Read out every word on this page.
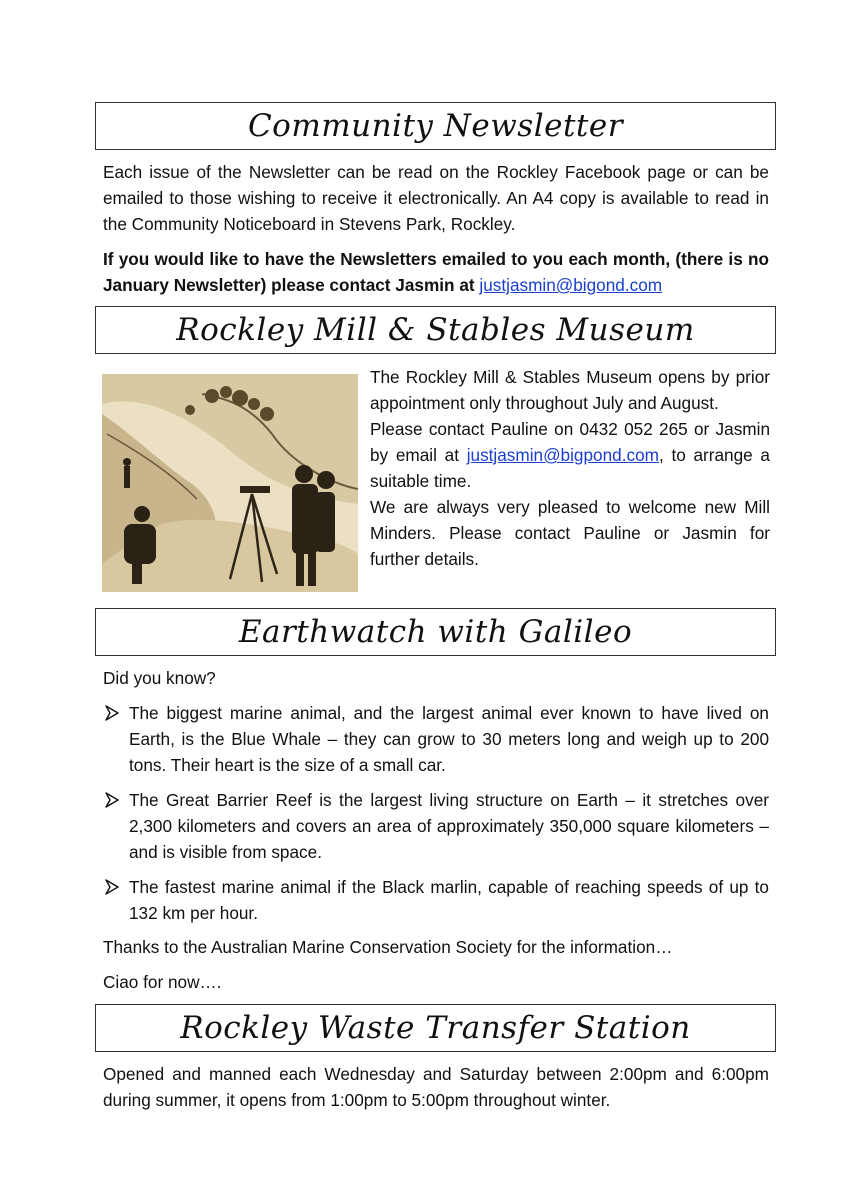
Community Newsletter

Each issue of the Newsletter can be read on the Rockley Facebook page or can be emailed to those wishing to receive it electronically. An A4 copy is available to read in the Community Noticeboard in Stevens Park, Rockley.

If you would like to have the Newsletters emailed to you each month, (there is no January Newsletter) please contact Jasmin at justjasmin@bigond.com

Rockley Mill & Stables Museum

The Rockley Mill & Stables Museum opens by prior appointment only throughout July and August.

Please contact Pauline on 0432 052 265 or Jasmin by email at justjasmin@bigpond.com, to arrange a suitable time.

We are always very pleased to welcome new Mill Minders. Please contact Pauline or Jasmin for further details.

Earthwatch with Galileo

Did you know?

The biggest marine animal, and the largest animal ever known to have lived on Earth, is the Blue Whale – they can grow to 30 meters long and weigh up to 200 tons. Their heart is the size of a small car.
The Great Barrier Reef is the largest living structure on Earth – it stretches over 2,300 kilometers and covers an area of approximately 350,000 square kilometers – and is visible from space.
The fastest marine animal if the Black marlin, capable of reaching speeds of up to 132 km per hour.

Thanks to the Australian Marine Conservation Society for the information…

Ciao for now….

Rockley Waste Transfer Station

Opened and manned each Wednesday and Saturday between 2:00pm and 6:00pm during summer, it opens from 1:00pm to 5:00pm throughout winter.
